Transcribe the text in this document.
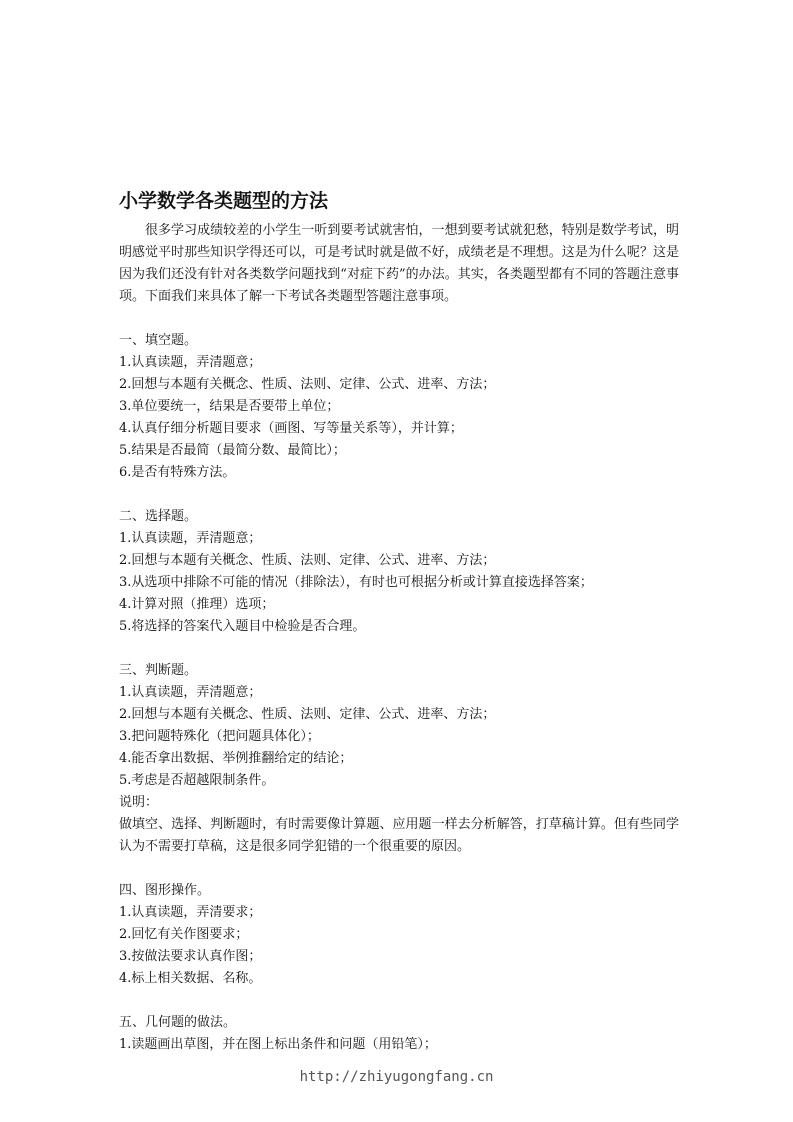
小学数学各类题型的方法

很多学习成绩较差的小学生一听到要考试就害怕，一想到要考试就犯愁，特别是数学考试，明明感觉平时那些知识学得还可以，可是考试时就是做不好，成绩老是不理想。这是为什么呢？这是因为我们还没有针对各类数学问题找到“对症下药”的办法。其实，各类题型都有不同的答题注意事项。下面我们来具体了解一下考试各类题型答题注意事项。

一、填空题。

1.认真读题，弄清题意；

2.回想与本题有关概念、性质、法则、定律、公式、进率、方法；

3.单位要统一，结果是否要带上单位；

4.认真仔细分析题目要求（画图、写等量关系等），并计算；

5.结果是否最简（最简分数、最简比）；

6.是否有特殊方法。

二、选择题。

1.认真读题，弄清题意；

2.回想与本题有关概念、性质、法则、定律、公式、进率、方法；

3.从选项中排除不可能的情况（排除法），有时也可根据分析或计算直接选择答案；

4.计算对照（推理）选项；

5.将选择的答案代入题目中检验是否合理。

三、判断题。

1.认真读题，弄清题意；

2.回想与本题有关概念、性质、法则、定律、公式、进率、方法；

3.把问题特殊化（把问题具体化）；

4.能否拿出数据、举例推翻给定的结论；

5.考虑是否超越限制条件。

说明：

做填空、选择、判断题时，有时需要像计算题、应用题一样去分析解答，打草稿计算。但有些同学认为不需要打草稿，这是很多同学犯错的一个很重要的原因。

四、图形操作。

1.认真读题，弄清要求；

2.回忆有关作图要求；

3.按做法要求认真作图；

4.标上相关数据、名称。

五、几何题的做法。

1.读题画出草图，并在图上标出条件和问题（用铅笔）；

http://zhiyugongfang.cn
